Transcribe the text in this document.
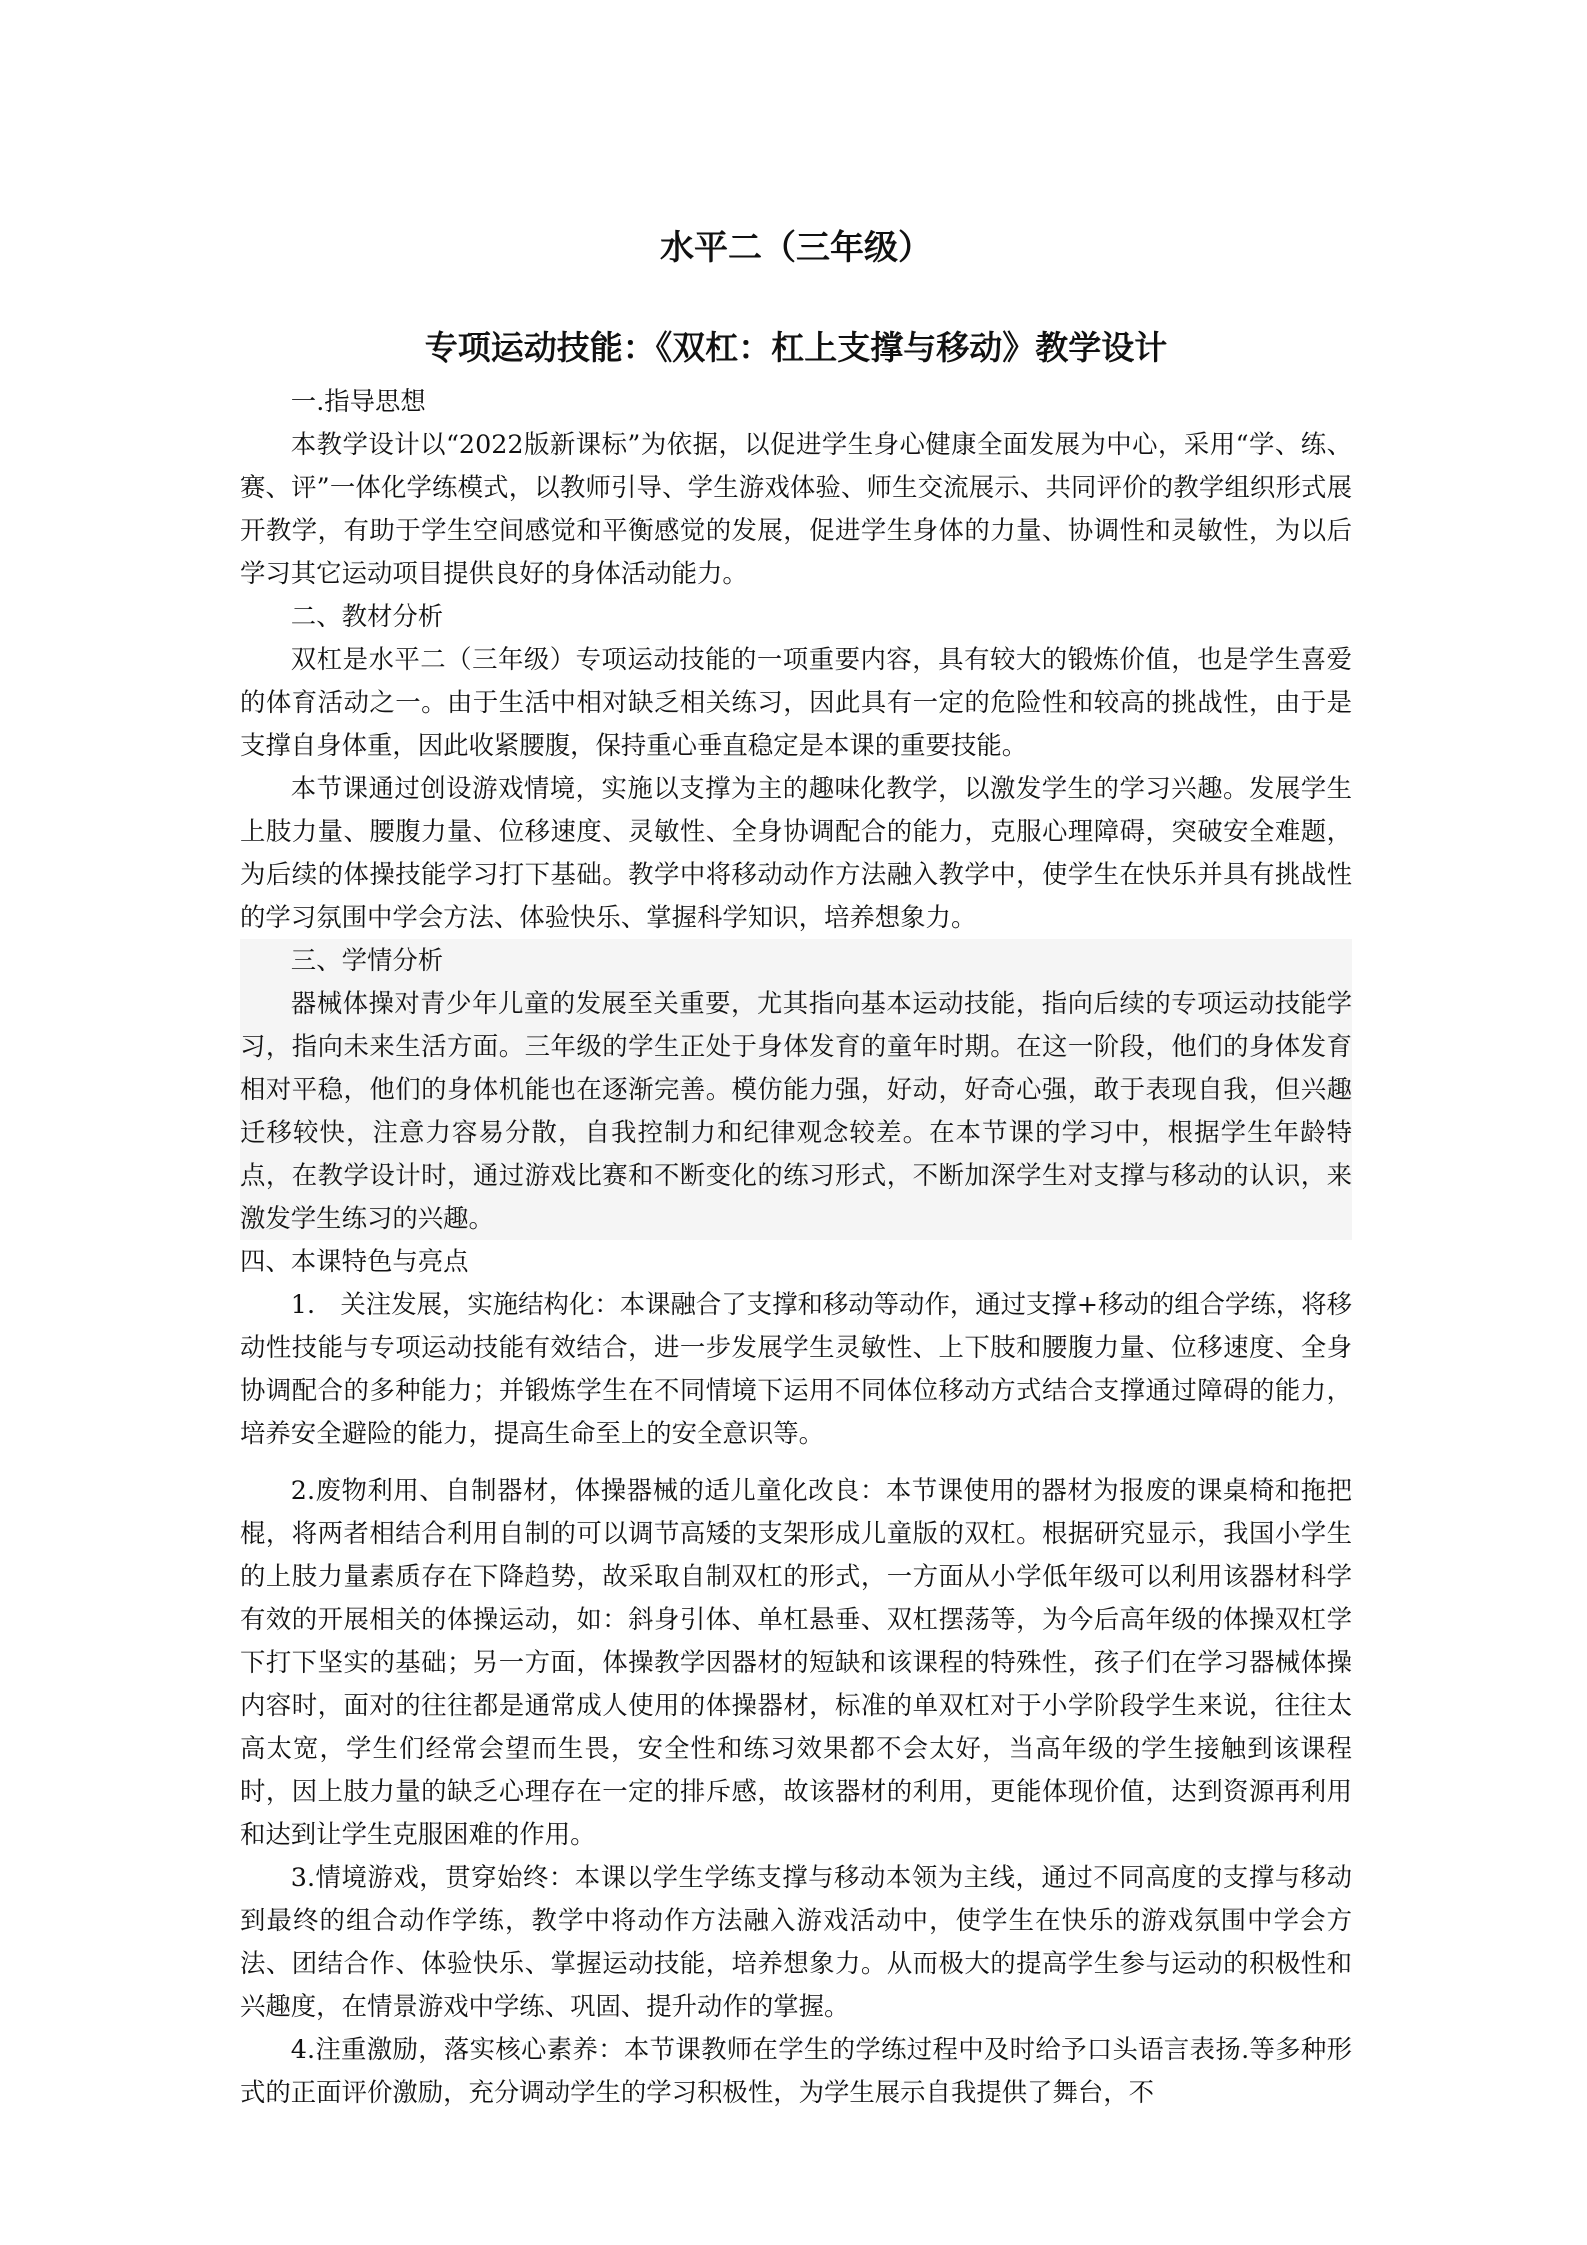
水平二（三年级）
专项运动技能：《双杠：杠上支撑与移动》教学设计
一.指导思想
本教学设计以“2022版新课标”为依据，以促进学生身心健康全面发展为中心，采用“学、练、赛、评”一体化学练模式，以教师引导、学生游戏体验、师生交流展示、共同评价的教学组织形式展开教学，有助于学生空间感觉和平衡感觉的发展，促进学生身体的力量、协调性和灵敏性，为以后学习其它运动项目提供良好的身体活动能力。
二、教材分析
双杠是水平二（三年级）专项运动技能的一项重要内容，具有较大的锻炼价值，也是学生喜爱的体育活动之一。由于生活中相对缺乏相关练习，因此具有一定的危险性和较高的挑战性，由于是支撑自身体重，因此收紧腰腹，保持重心垂直稳定是本课的重要技能。
本节课通过创设游戏情境，实施以支撑为主的趣味化教学，以激发学生的学习兴趣。发展学生上肢力量、腰腹力量、位移速度、灵敏性、全身协调配合的能力，克服心理障碍，突破安全难题，为后续的体操技能学习打下基础。教学中将移动动作方法融入教学中，使学生在快乐并具有挑战性的学习氛围中学会方法、体验快乐、掌握科学知识，培养想象力。
三、学情分析
器械体操对青少年儿童的发展至关重要，尤其指向基本运动技能，指向后续的专项运动技能学习，指向未来生活方面。三年级的学生正处于身体发育的童年时期。在这一阶段，他们的身体发育相对平稳，他们的身体机能也在逐渐完善。模仿能力强，好动，好奇心强，敢于表现自我，但兴趣迁移较快，注意力容易分散，自我控制力和纪律观念较差。在本节课的学习中，根据学生年龄特点，在教学设计时，通过游戏比赛和不断变化的练习形式，不断加深学生对支撑与移动的认识，来激发学生练习的兴趣。
四、本课特色与亮点
1.　关注发展，实施结构化：本课融合了支撑和移动等动作，通过支撑+移动的组合学练，将移动性技能与专项运动技能有效结合，进一步发展学生灵敏性、上下肢和腰腹力量、位移速度、全身协调配合的多种能力；并锻炼学生在不同情境下运用不同体位移动方式结合支撑通过障碍的能力，培养安全避险的能力，提高生命至上的安全意识等。
2.废物利用、自制器材，体操器械的适儿童化改良：本节课使用的器材为报废的课桌椅和拖把棍，将两者相结合利用自制的可以调节高矮的支架形成儿童版的双杠。根据研究显示，我国小学生的上肢力量素质存在下降趋势，故采取自制双杠的形式，一方面从小学低年级可以利用该器材科学有效的开展相关的体操运动，如：斜身引体、单杠悬垂、双杠摆荡等，为今后高年级的体操双杠学下打下坚实的基础；另一方面，体操教学因器材的短缺和该课程的特殊性，孩子们在学习器械体操内容时，面对的往往都是通常成人使用的体操器材，标准的单双杠对于小学阶段学生来说，往往太高太宽，学生们经常会望而生畏，安全性和练习效果都不会太好，当高年级的学生接触到该课程时，因上肢力量的缺乏心理存在一定的排斥感，故该器材的利用，更能体现价值，达到资源再利用和达到让学生克服困难的作用。
3.情境游戏，贯穿始终：本课以学生学练支撑与移动本领为主线，通过不同高度的支撑与移动到最终的组合动作学练，教学中将动作方法融入游戏活动中，使学生在快乐的游戏氛围中学会方法、团结合作、体验快乐、掌握运动技能，培养想象力。从而极大的提高学生参与运动的积极性和兴趣度，在情景游戏中学练、巩固、提升动作的掌握。
4.注重激励，落实核心素养：本节课教师在学生的学练过程中及时给予口头语言表扬.等多种形式的正面评价激励，充分调动学生的学习积极性，为学生展示自我提供了舞台，不
